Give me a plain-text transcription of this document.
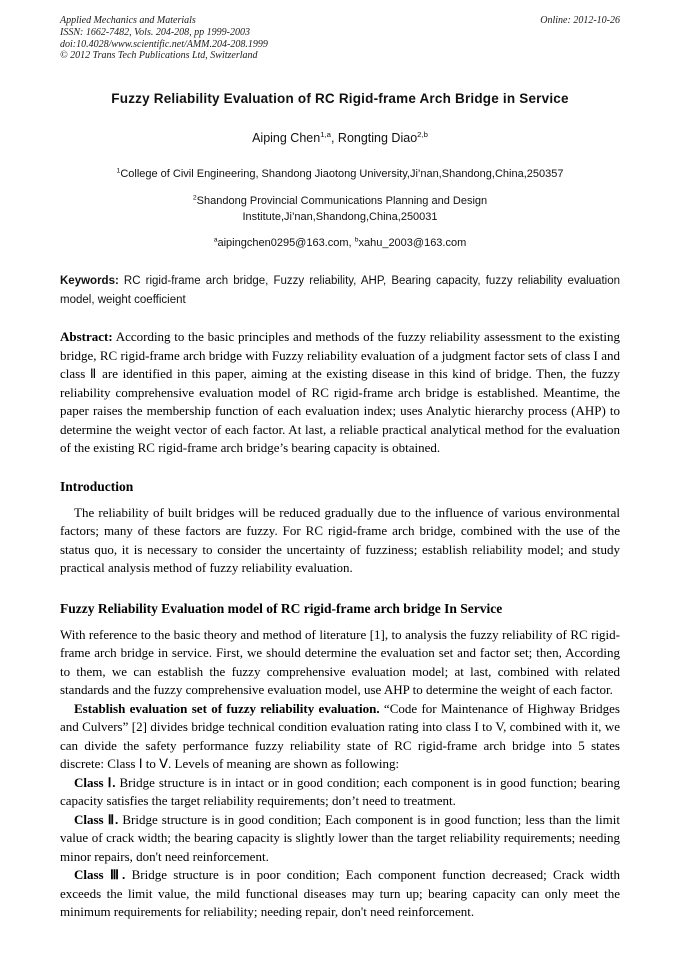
Applied Mechanics and Materials
ISSN: 1662-7482, Vols. 204-208, pp 1999-2003
doi:10.4028/www.scientific.net/AMM.204-208.1999
© 2012 Trans Tech Publications Ltd, Switzerland
Online: 2012-10-26
Fuzzy Reliability Evaluation of RC Rigid-frame Arch Bridge in Service
Aiping Chen$^{1,a}$, Rongting Diao$^{2,b}$
$^1$College of Civil Engineering, Shandong Jiaotong University,Ji’nan,Shandong,China,250357
$^2$Shandong Provincial Communications Planning and Design
Institute,Ji’nan,Shandong,China,250031
$^a$aipingchen0295@163.com, $^b$xahu_2003@163.com

Keywords: RC rigid-frame arch bridge, Fuzzy reliability, AHP, Bearing capacity, fuzzy reliability evaluation model, weight coefficient

Abstract: According to the basic principles and methods of the fuzzy reliability assessment to the existing bridge, RC rigid-frame arch bridge with Fuzzy reliability evaluation of a judgment factor sets of class I and class Ⅱ are identified in this paper, aiming at the existing disease in this kind of bridge. Then, the fuzzy reliability comprehensive evaluation model of RC rigid-frame arch bridge is established. Meantime, the paper raises the membership function of each evaluation index; uses Analytic hierarchy process (AHP) to determine the weight vector of each factor. At last, a reliable practical analytical method for the evaluation of the existing RC rigid-frame arch bridge’s bearing capacity is obtained.

Introduction

The reliability of built bridges will be reduced gradually due to the influence of various environmental factors; many of these factors are fuzzy. For RC rigid-frame arch bridge, combined with the use of the status quo, it is necessary to consider the uncertainty of fuzziness; establish reliability model; and study practical analysis method of fuzzy reliability evaluation.

Fuzzy Reliability Evaluation model of RC rigid-frame arch bridge In Service

With reference to the basic theory and method of literature [1], to analysis the fuzzy reliability of RC rigid-frame arch bridge in service. First, we should determine the evaluation set and factor set; then, According to them, we can establish the fuzzy comprehensive evaluation model; at last, combined with related standards and the fuzzy comprehensive evaluation model, use AHP to determine the weight of each factor.

Establish evaluation set of fuzzy reliability evaluation. “Code for Maintenance of Highway Bridges and Culvers” [2] divides bridge technical condition evaluation rating into class I to V, combined with it, we can divide the safety performance fuzzy reliability state of RC rigid-frame arch bridge into 5 states discrete: Class Ⅰ to Ⅴ. Levels of meaning are shown as following:

Class Ⅰ. Bridge structure is in intact or in good condition; each component is in good function; bearing capacity satisfies the target reliability requirements; don’t need to treatment.

Class Ⅱ. Bridge structure is in good condition; Each component is in good function; less than the limit value of crack width; the bearing capacity is slightly lower than the target reliability requirements; needing minor repairs, don't need reinforcement.

Class Ⅲ. Bridge structure is in poor condition; Each component function decreased; Crack width exceeds the limit value, the mild functional diseases may turn up; bearing capacity can only meet the minimum requirements for reliability; needing repair, don't need reinforcement.
